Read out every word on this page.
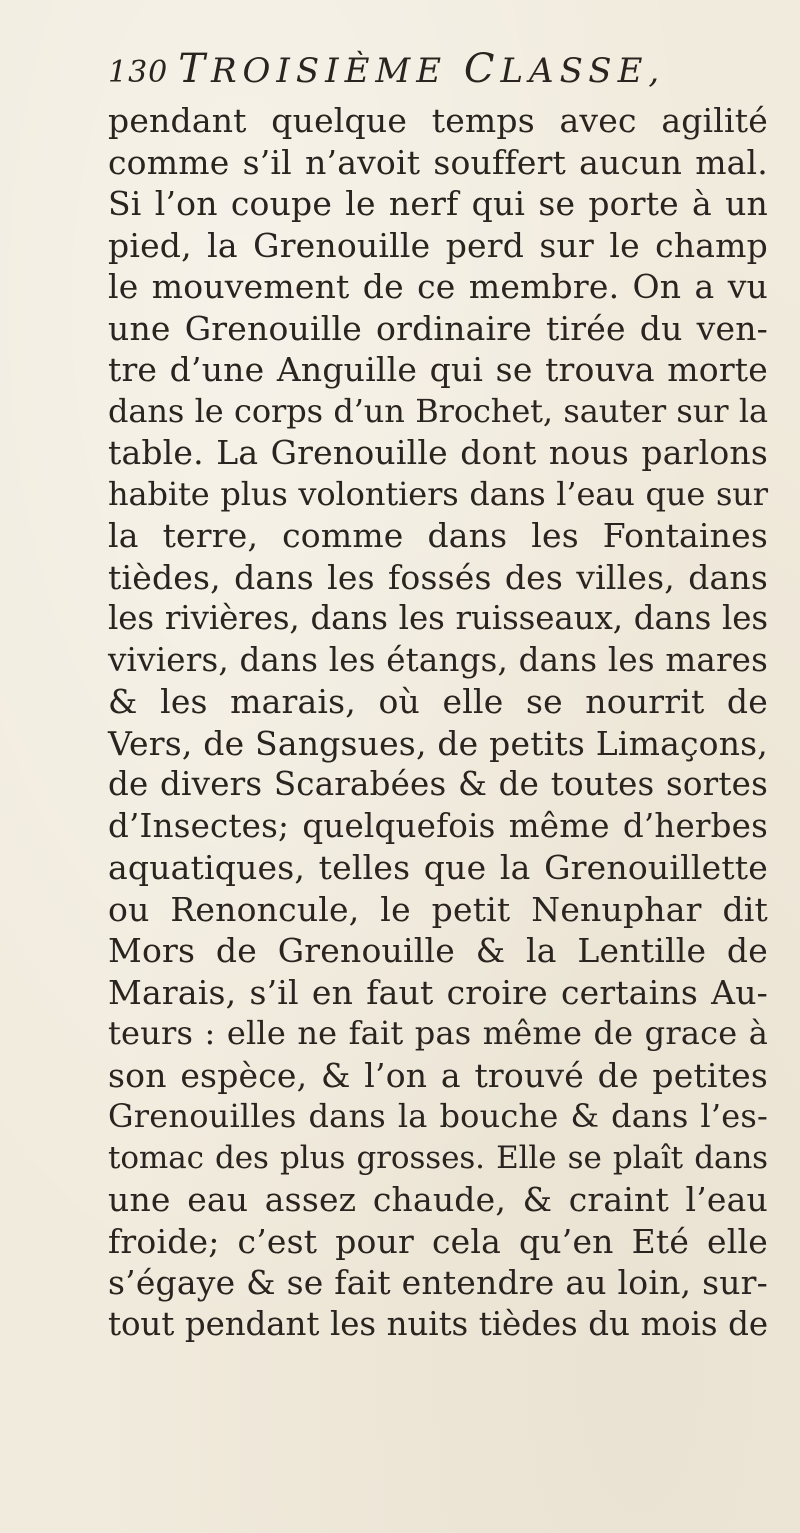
130 TROISIÈME CLASSE,
pendant quelque temps avec agilité
comme s’il n’avoit souffert aucun mal.
Si l’on coupe le nerf qui se porte à un
pied, la Grenouille perd sur le champ
le mouvement de ce membre. On a vu
une Grenouille ordinaire tirée du ven-
tre d’une Anguille qui se trouva morte
dans le corps d’un Brochet, sauter sur la
table. La Grenouille dont nous parlons
habite plus volontiers dans l’eau que sur
la terre, comme dans les Fontaines
tièdes, dans les fossés des villes, dans
les rivières, dans les ruisseaux, dans les
viviers, dans les étangs, dans les mares
& les marais, où elle se nourrit de
Vers, de Sangsues, de petits Limaçons,
de divers Scarabées & de toutes sortes
d’Insectes; quelquefois même d’herbes
aquatiques, telles que la Grenouillette
ou Renoncule, le petit Nenuphar dit
Mors de Grenouille & la Lentille de
Marais, s’il en faut croire certains Au-
teurs : elle ne fait pas même de grace à
son espèce, & l’on a trouvé de petites
Grenouilles dans la bouche & dans l’es-
tomac des plus grosses. Elle se plaît dans
une eau assez chaude, & craint l’eau
froide; c’est pour cela qu’en Eté elle
s’égaye & se fait entendre au loin, sur-
tout pendant les nuits tièdes du mois de
